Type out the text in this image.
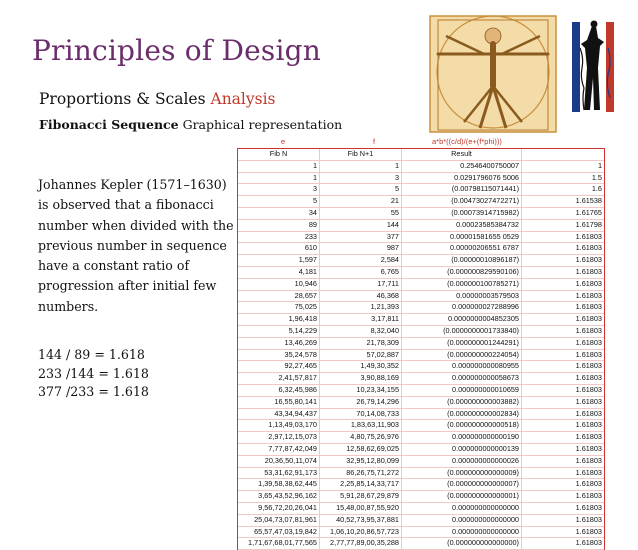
Principles of Design
Proportions & Scales Analysis
Fibonacci Sequence Graphical representation
Johannes Kepler (1571–1630) is observed that a fibonacci number when divided with the previous number in sequence have a constant ratio of progression after initial few numbers.
144 / 89 = 1.618
233 /144 = 1.618
377 /233 = 1.618
e	f	a*b*((c/d)/(e+(f*phi)))
Fib N	Fib N+1	Result
1	1	0.2546400750007	1
1	3	0.0291796076 5006	1.5
3	5	(0.00798115071441)	1.6
5	21	(0.00473027472271)	1.61538
34	55	(0.00073914715982)	1.61765
89	144	0.00023585384732	1.61798
233	377	0.00001581655 0529	1.61803
610	987	0.00000206551 6787	1.61803
1,597	2,584	(0.00000010896187)	1.61803
4,181	6,765	(0.000000829590106)	1.61803
10,946	17,711	(0.000000100785271)	1.61803
28,657	46,368	0.00000003579503	1.61803
75,025	1,21,393	0.000000027288996	1.61803
1,96,418	3,17,811	0.0000000004852305	1.61803
5,14,229	8,32,040	(0.0000000001733840)	1.61803
13,46,269	21,78,309	(0.000000001244291)	1.61803
35,24,578	57,02,887	(0.000000000224054)	1.61803
92,27,465	1,49,30,352	0.000000000080955	1.61803
2,41,57,817	3,90,88,169	0.000000000058673	1.61803
6,32,45,986	10,23,34,155	0.000000000010659	1.61803
16,55,80,141	26,79,14,296	(0.000000000003882)	1.61803
43,34,94,437	70,14,08,733	(0.000000000002834)	1.61803
1,13,49,03,170	1,83,63,11,903	(0.000000000000518)	1.61803
2,97,12,15,073	4,80,75,26,976	0.000000000000190	1.61803
7,77,87,42,049	12,58,62,69,025	0.000000000000139	1.61803
20,36,50,11,074	32,95,12,80,099	0.000000000000026	1.61803
53,31,62,91,173	86,26,75,71,272	(0.000000000000009)	1.61803
1,39,58,38,62,445	2,25,85,14,33,717	(0.000000000000007)	1.61803
3,65,43,52,96,162	5,91,28,67,29,879	(0.000000000000001)	1.61803
9,56,72,20,26,041	15,48,00,87,55,920	0.000000000000000	1.61803
25,04,73,07,81,961	40,52,73,95,37,881	0.000000000000000	1.61803
65,57,47,03,19,842	1,06,10,20,86,57,723	0.000000000000000	1.61803
1,71,67,68,01,77,565	2,77,77,89,00,35,288	(0.000000000000000)	1.61803
